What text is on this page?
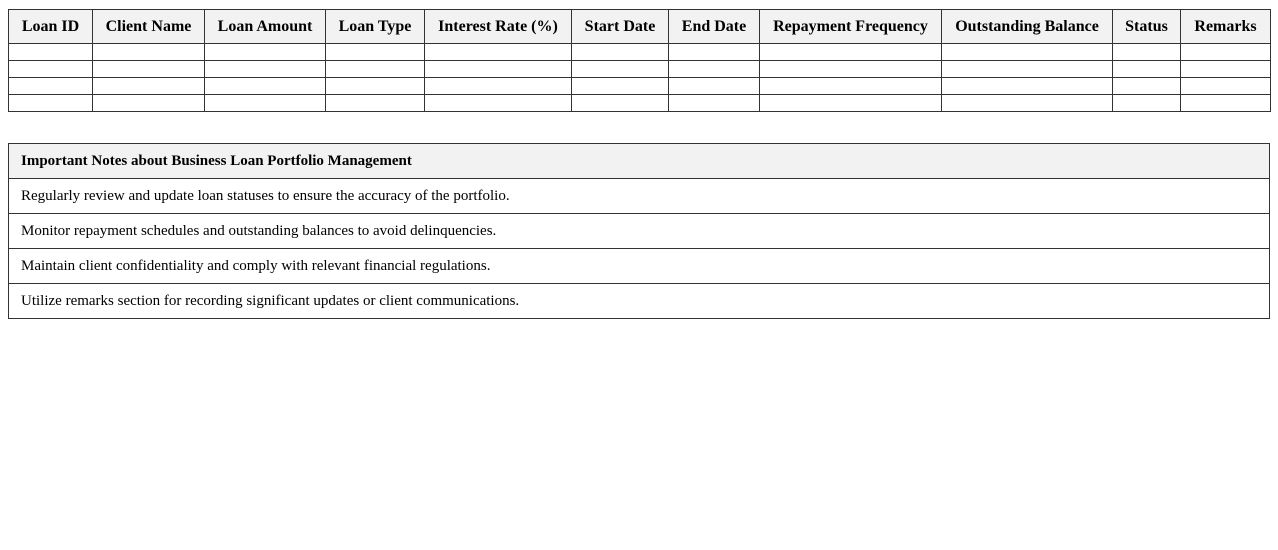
Loan ID	Client Name	Loan Amount	Loan Type	Interest Rate (%)	Start Date	End Date	Repayment Frequency	Outstanding Balance	Status	Remarks

Important Notes about Business Loan Portfolio Management
Regularly review and update loan statuses to ensure the accuracy of the portfolio.
Monitor repayment schedules and outstanding balances to avoid delinquencies.
Maintain client confidentiality and comply with relevant financial regulations.
Utilize remarks section for recording significant updates or client communications.
